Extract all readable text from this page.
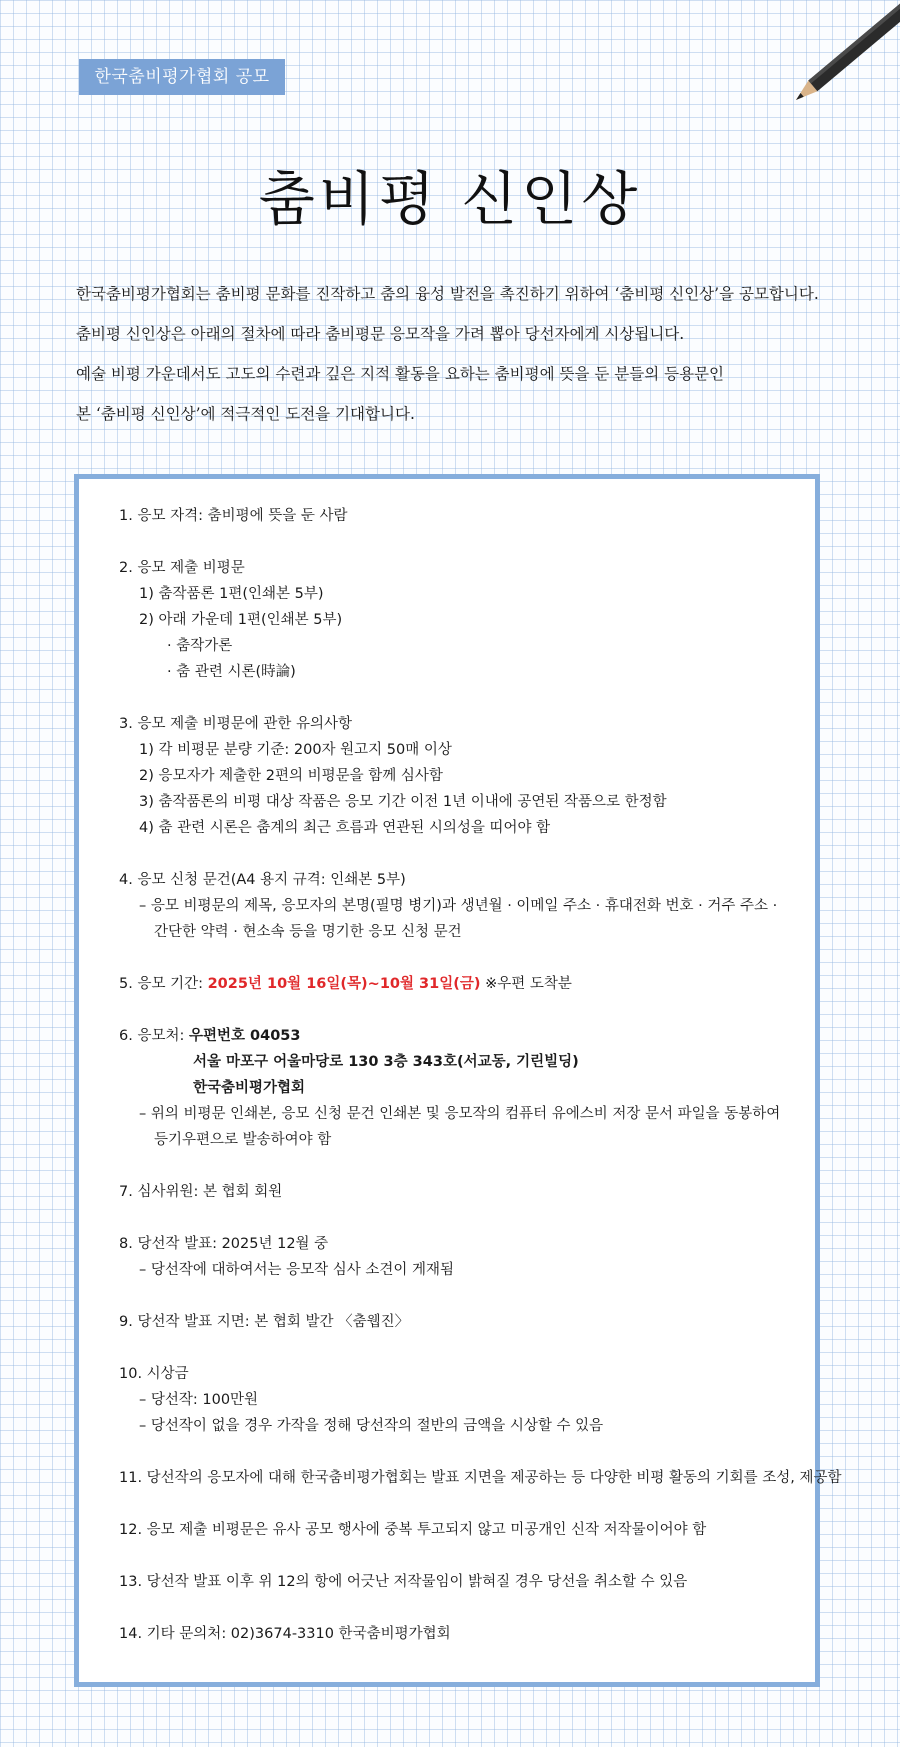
한국춤비평가협회 공모
춤비평 신인상

한국춤비평가협회는 춤비평 문화를 진작하고 춤의 융성 발전을 촉진하기 위하여 ‘춤비평 신인상’을 공모합니다.

춤비평 신인상은 아래의 절차에 따라 춤비평문 응모작을 가려 뽑아 당선자에게 시상됩니다.

예술 비평 가운데서도 고도의 수련과 깊은 지적 활동을 요하는 춤비평에 뜻을 둔 분들의 등용문인

본 ‘춤비평 신인상’에 적극적인 도전을 기대합니다.

1. 응모 자격: 춤비평에 뜻을 둔 사람
2. 응모 제출 비평문
1) 춤작품론 1편(인쇄본 5부)
2) 아래 가운데 1편(인쇄본 5부)
· 춤작가론
· 춤 관련 시론(時論)
3. 응모 제출 비평문에 관한 유의사항
1) 각 비평문 분량 기준: 200자 원고지 50매 이상
2) 응모자가 제출한 2편의 비평문을 함께 심사함
3) 춤작품론의 비평 대상 작품은 응모 기간 이전 1년 이내에 공연된 작품으로 한정함
4) 춤 관련 시론은 춤계의 최근 흐름과 연관된 시의성을 띠어야 함
4. 응모 신청 문건(A4 용지 규격: 인쇄본 5부)
– 응모 비평문의 제목, 응모자의 본명(필명 병기)과 생년월 · 이메일 주소 · 휴대전화 번호 · 거주 주소 ·
간단한 약력 · 현소속 등을 명기한 응모 신청 문건
5. 응모 기간: 2025년 10월 16일(목)~10월 31일(금) ※우편 도착분
6. 응모처: 우편번호 04053
서울 마포구 어울마당로 130 3층 343호(서교동, 기린빌딩)
한국춤비평가협회
– 위의 비평문 인쇄본, 응모 신청 문건 인쇄본 및 응모작의 컴퓨터 유에스비 저장 문서 파일을 동봉하여
등기우편으로 발송하여야 함
7. 심사위원: 본 협회 회원
8. 당선작 발표: 2025년 12월 중
– 당선작에 대하여서는 응모작 심사 소견이 게재됨
9. 당선작 발표 지면: 본 협회 발간 〈춤웹진〉
10. 시상금
– 당선작: 100만원
– 당선작이 없을 경우 가작을 정해 당선작의 절반의 금액을 시상할 수 있음
11. 당선작의 응모자에 대해 한국춤비평가협회는 발표 지면을 제공하는 등 다양한 비평 활동의 기회를 조성, 제공함
12. 응모 제출 비평문은 유사 공모 행사에 중복 투고되지 않고 미공개인 신작 저작물이어야 함
13. 당선작 발표 이후 위 12의 항에 어긋난 저작물임이 밝혀질 경우 당선을 취소할 수 있음
14. 기타 문의처: 02)3674-3310 한국춤비평가협회
